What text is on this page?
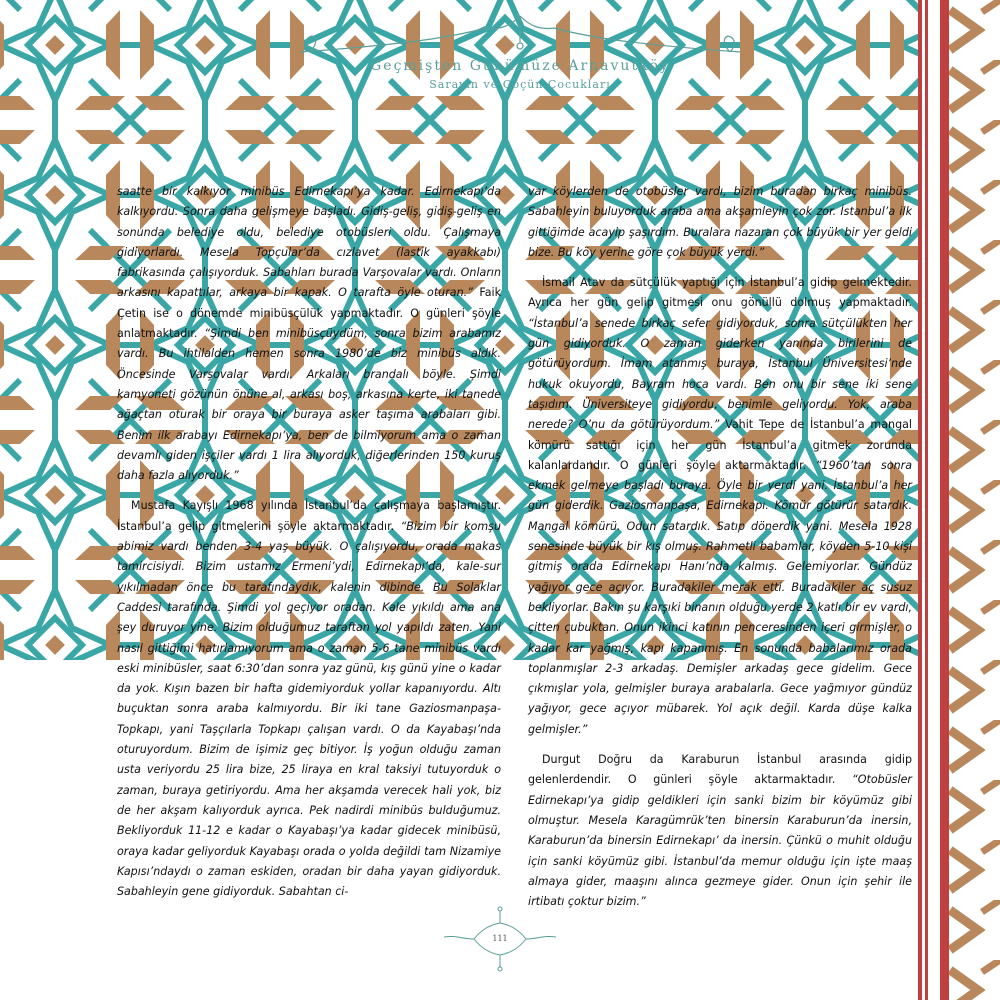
Geçmişten Günümüze Arnavutköy
Sarayın ve Göçün Çocukları

saatte bir kalkıyor minibüs Edirnekapı’ya kadar. Edirnekapı’da kalkıyordu. Sonra daha gelişmeye başladı. Gidiş-geliş, gidiş-geliş en sonunda belediye oldu, belediye otobüsleri oldu. Çalışmaya gidiyorlardı. Mesela Topçular’da cızlavet (lastik ayakkabı) fabrikasında çalışıyorduk. Sabahları burada Varşovalar vardı. Onların arkasını kapattılar, arkaya bir kapak. O tarafta öyle oturan.” Faik Çetin ise o dönemde minibüsçülük yapmaktadır. O günleri şöyle anlatmaktadır. “Şimdi ben minibüsçüydüm, sonra bizim arabamız vardı. Bu ihtilalden hemen sonra 1980’de biz minibüs aldık. Öncesinde Varşovalar vardı. Arkaları brandalı böyle. Şimdi kamyoneti gözünün önüne al, arkası boş, arkasına kerte, iki tanede ağaçtan oturak bir oraya bir buraya asker taşıma arabaları gibi. Benim ilk arabayı Edirnekapı’ya, ben de bilmiyorum ama o zaman devamlı giden işçiler vardı 1 lira alıyorduk, diğerlerinden 150 kuruş daha fazla alıyorduk.”

Mustafa Kayışlı 1968 yılında İstanbul’da çalışmaya başlamıştır. İstanbul’a gelip gitmelerini şöyle aktarmaktadır. “Bizim bir komşu abimiz vardı benden 3-4 yaş büyük. O çalışıyordu, orada makas tamircisiydi. Bizim ustamız Ermeni’ydi, Edirnekapı’da, kale-sur yıkılmadan önce bu tarafındaydık, kalenin dibinde. Bu Solaklar Caddesi tarafında. Şimdi yol geçiyor oradan. Kale yıkıldı ama ana şey duruyor yine. Bizim olduğumuz taraftan yol yapıldı zaten. Yani nasıl gittiğimi hatırlamıyorum ama o zaman 5-6 tane minibüs vardı eski minibüsler, saat 6:30’dan sonra yaz günü, kış günü yine o kadar da yok. Kışın bazen bir hafta gidemiyorduk yollar kapanıyordu. Altı buçuktan sonra araba kalmıyordu. Bir iki tane Gaziosmanpaşa-Topkapı, yani Taşçılarla Topkapı çalışan vardı. O da Kayabaşı’nda oturuyordum. Bizim de işimiz geç bitiyor. İş yoğun olduğu zaman usta veriyordu 25 lira bize, 25 liraya en kral taksiyi tutuyorduk o zaman, buraya getiriyordu. Ama her akşamda verecek hali yok, biz de her akşam kalıyorduk ayrıca. Pek nadirdi minibüs bulduğumuz. Bekliyorduk 11-12 e kadar o Kayabaşı’ya kadar gidecek minibüsü, oraya kadar geliyorduk Kayabaşı orada o yolda değildi tam Nizamiye Kapısı’ndaydı o zaman eskiden, oradan bir daha yayan gidiyorduk. Sabahleyin gene gidiyorduk. Sabahtan ci-

var köylerden de otobüsler vardı, bizim buradan birkaç minibüs. Sabahleyin buluyorduk araba ama akşamleyin çok zor. İstanbul’a ilk gittiğimde acayip şaşırdım. Buralara nazaran çok büyük bir yer geldi bize. Bu köy yerine göre çok büyük yerdi.”

İsmail Atav da sütçülük yaptığı için İstanbul’a gidip gelmektedir. Ayrıca her gün gelip gitmesi onu gönüllü dolmuş yapmaktadır. “İstanbul’a senede birkaç sefer gidiyorduk, sonra sütçülükten her gün gidiyorduk. O zaman giderken yanında birilerini de götürüyordum. İmam atanmış buraya, İstanbul Üniversitesi’nde hukuk okuyordu, Bayram hoca vardı. Ben onu bir sene iki sene taşıdım. Üniversiteye gidiyordu, benimle geliyordu. Yok, araba nerede? O’nu da götürüyordum.” Vahit Tepe de İstanbul’a mangal kömürü sattığı için her gün İstanbul’a gitmek zorunda kalanlardandır. O günleri şöyle aktarmaktadır. “1960’tan sonra ekmek gelmeye başladı buraya. Öyle bir yerdi yani. İstanbul’a her gün giderdik. Gaziosmanpaşa, Edirnekapı. Kömür götürür satardık. Mangal kömürü. Odun satardık. Satıp dönerdik yani. Mesela 1928 senesinde büyük bir kış olmuş. Rahmetli babamlar, köyden 5-10 kişi gitmiş orada Edirnekapı Hanı’nda kalmış. Gelemiyorlar. Gündüz yağıyor gece açıyor. Buradakiler merak etti. Buradakiler aç susuz bekliyorlar. Bakın şu karşıki binanın olduğu yerde 2 katlı bir ev vardı, çitten çubuktan. Onun ikinci katının penceresinden içeri girmişler, o kadar kar yağmış, kapı kapanmış. En sonunda babalarımız orada toplanmışlar 2-3 arkadaş. Demişler arkadaş gece gidelim. Gece çıkmışlar yola, gelmişler buraya arabalarla. Gece yağmıyor gündüz yağıyor, gece açıyor mübarek. Yol açık değil. Karda düşe kalka gelmişler.”

Durgut Doğru da Karaburun İstanbul arasında gidip gelenlerdendir. O günleri şöyle aktarmaktadır. “Otobüsler Edirnekapı’ya gidip geldikleri için sanki bizim bir köyümüz gibi olmuştur. Mesela Karagümrük’ten binersin Karaburun’da inersin, Karaburun’da binersin Edirnekapı’ da inersin. Çünkü o muhit olduğu için sanki köyümüz gibi. İstanbul’da memur olduğu için işte maaş almaya gider, maaşını alınca gezmeye gider. Onun için şehir ile irtibatı çoktur bizim.”

111
